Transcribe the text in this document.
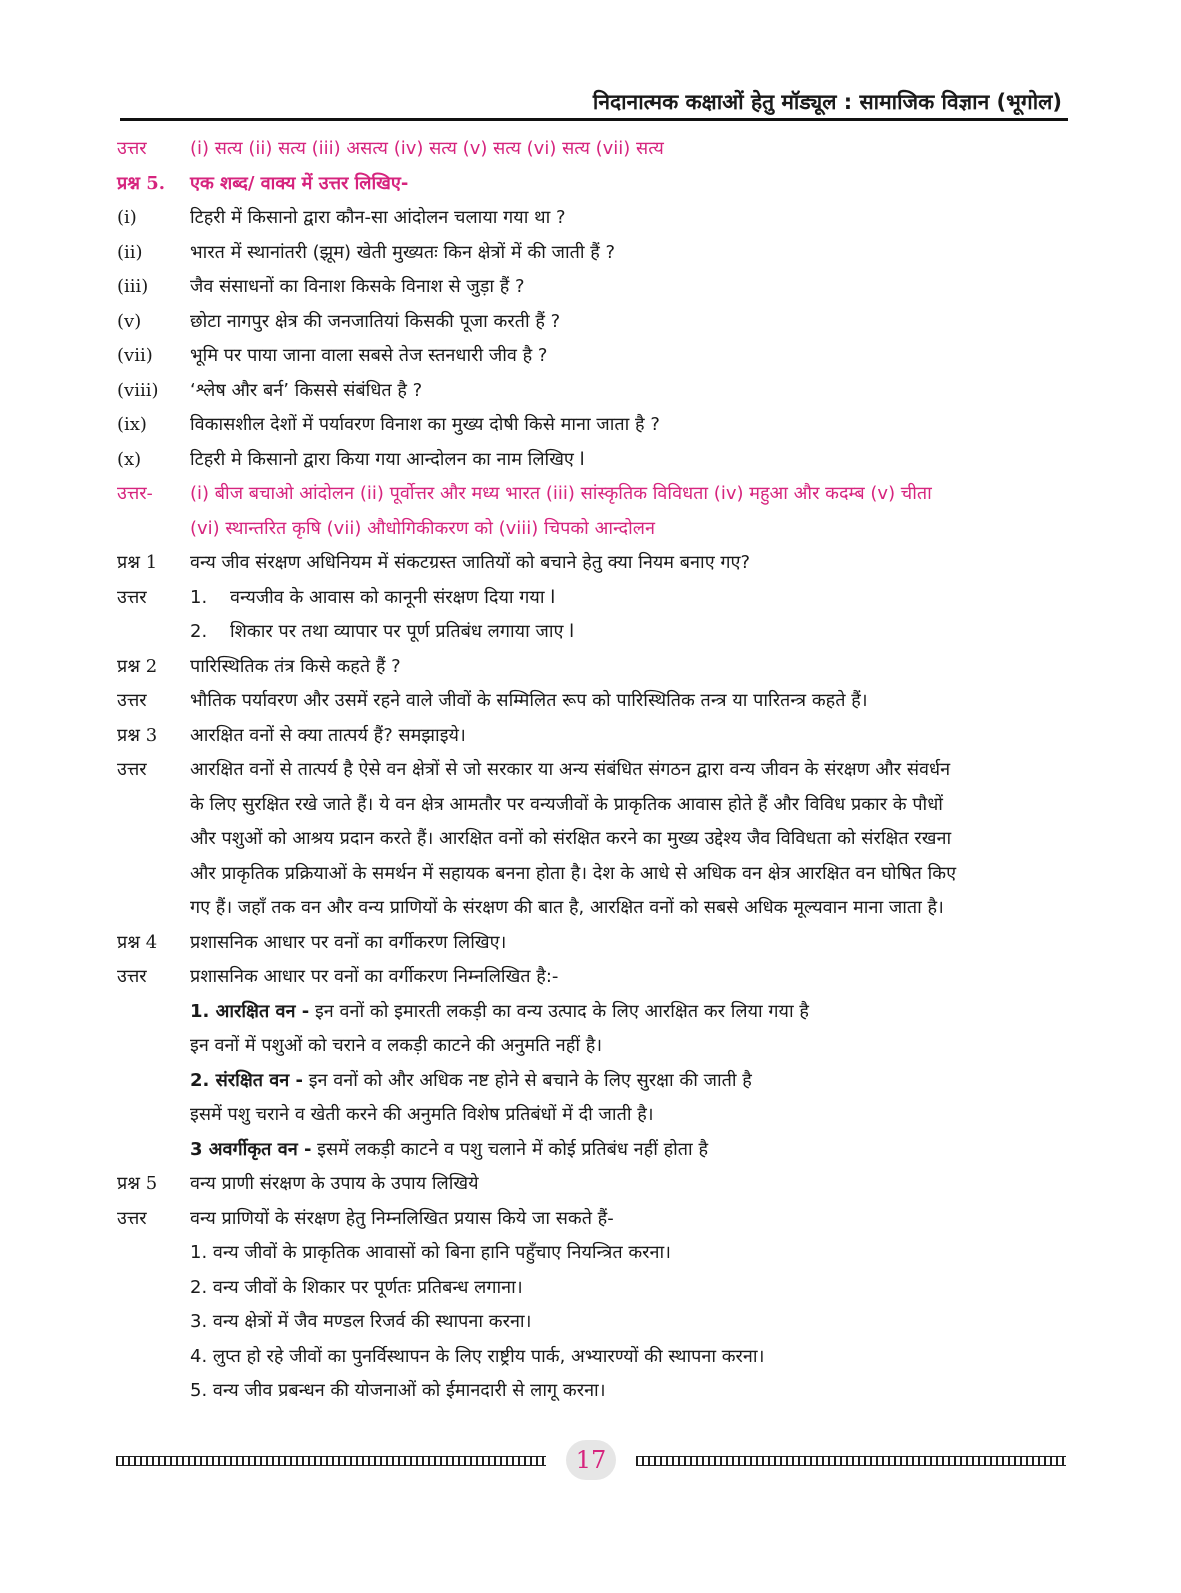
निदानात्मक कक्षाओं हेतु मॉड्यूल : सामाजिक विज्ञान (भूगोल)
उत्तर	(i) सत्य (ii) सत्य (iii) असत्य (iv) सत्य (v) सत्य (vi) सत्य (vii) सत्य
प्रश्न 5.	एक शब्द/ वाक्य में उत्तर लिखिए-
(i)	टिहरी में किसानो द्वारा कौन-सा आंदोलन चलाया गया था ?
(ii)	भारत में स्थानांतरी (झूम) खेती मुख्यतः किन क्षेत्रों में की जाती हैं ?
(iii)	जैव संसाधनों का विनाश किसके विनाश से जुड़ा हैं ?
(v)	छोटा नागपुर क्षेत्र की जनजातियां किसकी पूजा करती हैं ?
(vii)	भूमि पर पाया जाना वाला सबसे तेज स्तनधारी जीव है ?
(viii)	‘श्लेष और बर्न’ किससे संबंधित है ?
(ix)	विकासशील देशों में पर्यावरण विनाश का मुख्य दोषी किसे माना जाता है ?
(x)	टिहरी मे किसानो द्वारा किया गया आन्दोलन का नाम लिखिए l
उत्तर-	(i) बीज बचाओ आंदोलन (ii) पूर्वोत्तर और मध्य भारत (iii) सांस्कृतिक विविधता (iv) महुआ और कदम्ब (v) चीता
(vi) स्थान्तरित कृषि (vii) औधोगिकीकरण को (viii) चिपको आन्दोलन
प्रश्न 1	वन्य जीव संरक्षण अधिनियम में संकटग्रस्त जातियों को बचाने हेतु क्या नियम बनाए गए?
उत्तर	1. वन्यजीव के आवास को कानूनी संरक्षण दिया गया l
2. शिकार पर तथा व्यापार पर पूर्ण प्रतिबंध लगाया जाए l
प्रश्न 2	पारिस्थितिक तंत्र किसे कहते हैं ?
उत्तर	भौतिक पर्यावरण और उसमें रहने वाले जीवों के सम्मिलित रूप को पारिस्थितिक तन्त्र या पारितन्त्र कहते हैं।
प्रश्न 3	आरक्षित वनों से क्या तात्पर्य हैं? समझाइये।
उत्तर	आरक्षित वनों से तात्पर्य है ऐसे वन क्षेत्रों से जो सरकार या अन्य संबंधित संगठन द्वारा वन्य जीवन के संरक्षण और संवर्धन
के लिए सुरक्षित रखे जाते हैं। ये वन क्षेत्र आमतौर पर वन्यजीवों के प्राकृतिक आवास होते हैं और विविध प्रकार के पौधों
और पशुओं को आश्रय प्रदान करते हैं। आरक्षित वनों को संरक्षित करने का मुख्य उद्देश्य जैव विविधता को संरक्षित रखना
और प्राकृतिक प्रक्रियाओं के समर्थन में सहायक बनना होता है। देश के आधे से अधिक वन क्षेत्र आरक्षित वन घोषित किए
गए हैं। जहाँ तक वन और वन्य प्राणियों के संरक्षण की बात है, आरक्षित वनों को सबसे अधिक मूल्यवान माना जाता है।
प्रश्न 4	प्रशासनिक आधार पर वनों का वर्गीकरण लिखिए।
उत्तर	प्रशासनिक आधार पर वनों का वर्गीकरण निम्नलिखित है:-
1. आरक्षित वन - इन वनों को इमारती लकड़ी का वन्य उत्पाद के लिए आरक्षित कर लिया गया है
इन वनों में पशुओं को चराने व लकड़ी काटने की अनुमति नहीं है।
2. संरक्षित वन - इन वनों को और अधिक नष्ट होने से बचाने के लिए सुरक्षा की जाती है
इसमें पशु चराने व खेती करने की अनुमति विशेष प्रतिबंधों में दी जाती है।
3 अवर्गीकृत वन - इसमें लकड़ी काटने व पशु चलाने में कोई प्रतिबंध नहीं होता है
प्रश्न 5	वन्य प्राणी संरक्षण के उपाय के उपाय लिखिये
उत्तर	वन्य प्राणियों के संरक्षण हेतु निम्नलिखित प्रयास किये जा सकते हैं-
1. वन्य जीवों के प्राकृतिक आवासों को बिना हानि पहुँचाए नियन्त्रित करना।
2. वन्य जीवों के शिकार पर पूर्णतः प्रतिबन्ध लगाना।
3. वन्य क्षेत्रों में जैव मण्डल रिजर्व की स्थापना करना।
4. लुप्त हो रहे जीवों का पुनर्विस्थापन के लिए राष्ट्रीय पार्क, अभ्यारण्यों की स्थापना करना।
5. वन्य जीव प्रबन्धन की योजनाओं को ईमानदारी से लागू करना।
17
